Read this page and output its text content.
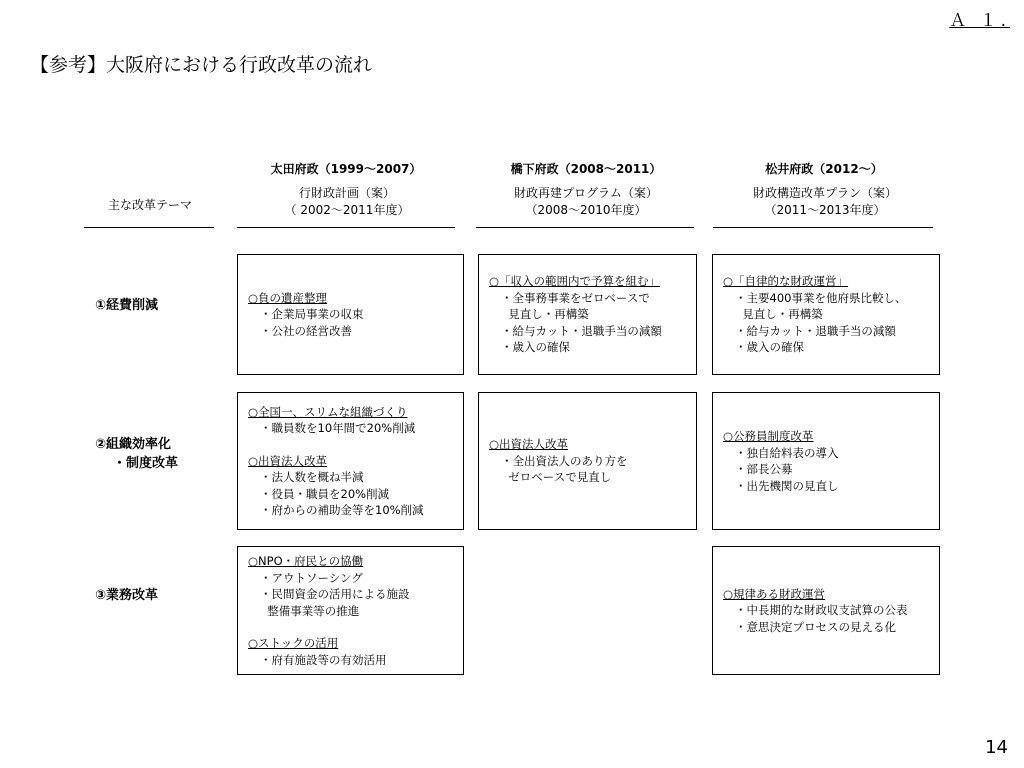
Ａ １.
【参考】大阪府における行政改革の流れ
主な改革テーマ
太田府政（1999～2007）
行財政計画（案）
（ 2002～2011年度）
橋下府政（2008～2011）
財政再建プログラム（案）
（2008～2010年度）
松井府政（2012～）
財政構造改革プラン（案）
（2011～2013年度）
①経費削減
②組織効率化
・制度改革
③業務改革
○負の遺産整理
・企業局事業の収束
・公社の経営改善
○「収入の範囲内で予算を組む」
・全事務事業をゼロベースで
見直し・再構築
・給与カット・退職手当の減額
・歳入の確保
○「自律的な財政運営」
・主要400事業を他府県比較し、
見直し・再構築
・給与カット・退職手当の減額
・歳入の確保
○全国一、スリムな組織づくり
・職員数を10年間で20%削減
○出資法人改革
・法人数を概ね半減
・役員・職員を20%削減
・府からの補助金等を10%削減
○出資法人改革
・全出資法人のあり方を
ゼロベースで見直し
○公務員制度改革
・独自給料表の導入
・部長公募
・出先機関の見直し
○NPO・府民との協働
・アウトソーシング
・民間資金の活用による施設
整備事業等の推進
○ストックの活用
・府有施設等の有効活用
○規律ある財政運営
・中長期的な財政収支試算の公表
・意思決定プロセスの見える化
14
